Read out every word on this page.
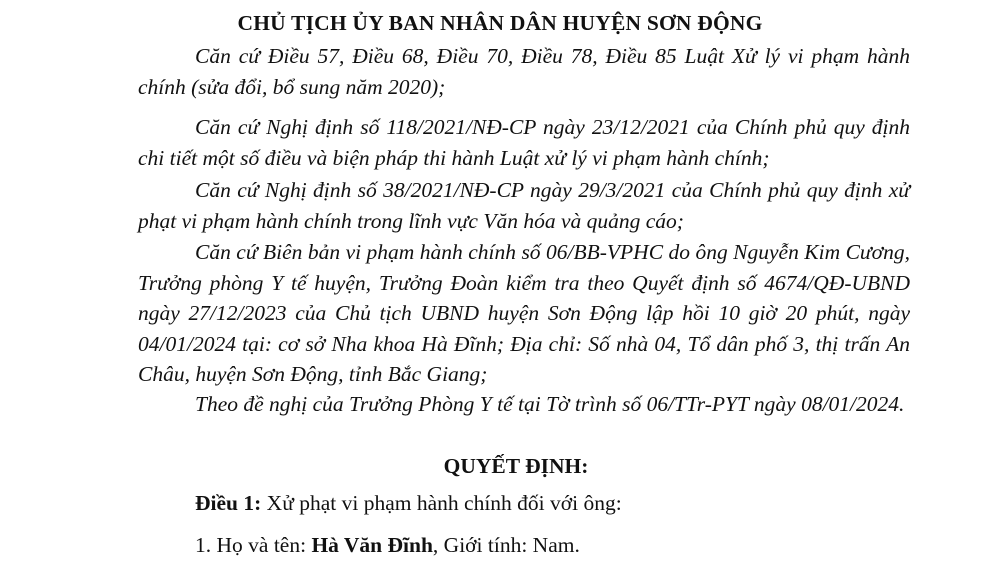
CHỦ TỊCH ỦY BAN NHÂN DÂN HUYỆN SƠN ĐỘNG
Căn cứ Điều 57, Điều 68, Điều 70, Điều 78, Điều 85 Luật Xử lý vi phạm hành chính (sửa đổi, bổ sung năm 2020);
Căn cứ Nghị định số 118/2021/NĐ-CP ngày 23/12/2021 của Chính phủ quy định chi tiết một số điều và biện pháp thi hành Luật xử lý vi phạm hành chính;
Căn cứ Nghị định số 38/2021/NĐ-CP ngày 29/3/2021 của Chính phủ quy định xử phạt vi phạm hành chính trong lĩnh vực Văn hóa và quảng cáo;
Căn cứ Biên bản vi phạm hành chính số 06/BB-VPHC do ông Nguyễn Kim Cương, Trưởng phòng Y tế huyện, Trưởng Đoàn kiểm tra theo Quyết định số 4674/QĐ-UBND ngày 27/12/2023 của Chủ tịch UBND huyện Sơn Động lập hồi 10 giờ 20 phút, ngày 04/01/2024 tại: cơ sở Nha khoa Hà Đĩnh; Địa chỉ: Số nhà 04, Tổ dân phố 3, thị trấn An Châu, huyện Sơn Động, tỉnh Bắc Giang;
Theo đề nghị của Trưởng Phòng Y tế tại Tờ trình số 06/TTr-PYT ngày 08/01/2024.
QUYẾT ĐỊNH:
Điều 1: Xử phạt vi phạm hành chính đối với ông:
1. Họ và tên: Hà Văn Đĩnh, Giới tính: Nam.
